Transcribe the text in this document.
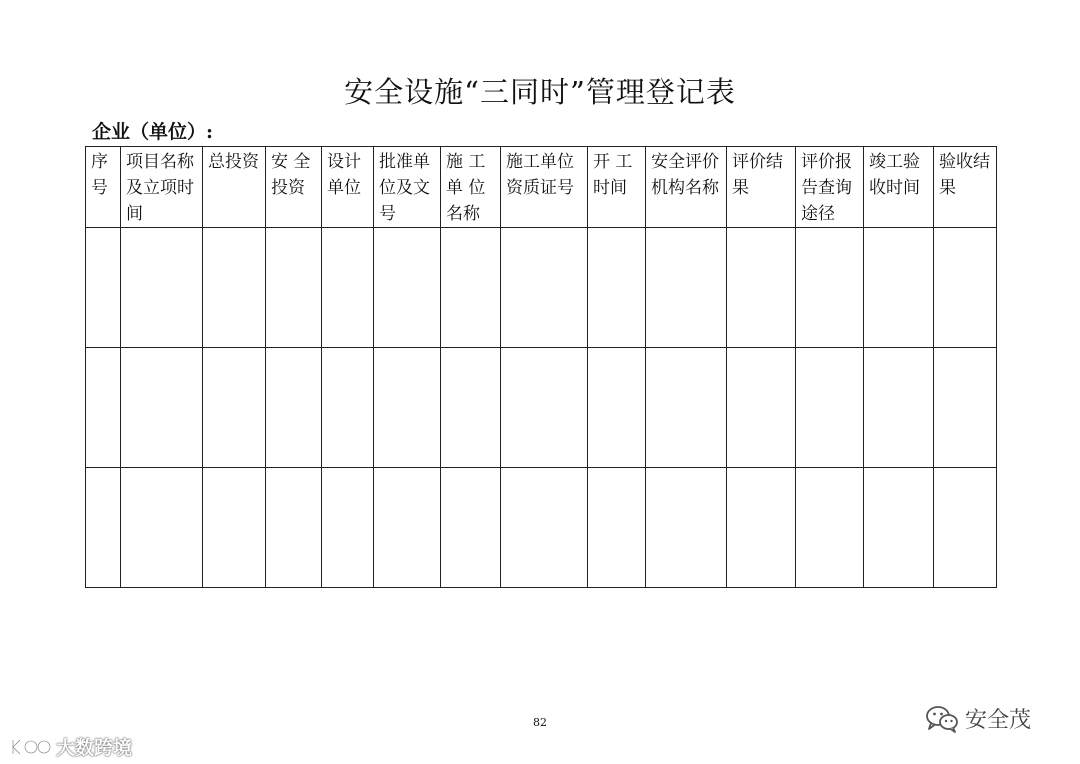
安全设施“三同时”管理登记表
企业（单位）:
序号	项目名称及立项时间	总投资	安 全 投资	设计单位	批准单位及文号	施 工 单 位 名称	施工单位资质证号	开 工 时间	安全评价机构名称	评价结果	评价报告查询途径	竣工验收时间	验收结果

82
大数跨境
安全茂
